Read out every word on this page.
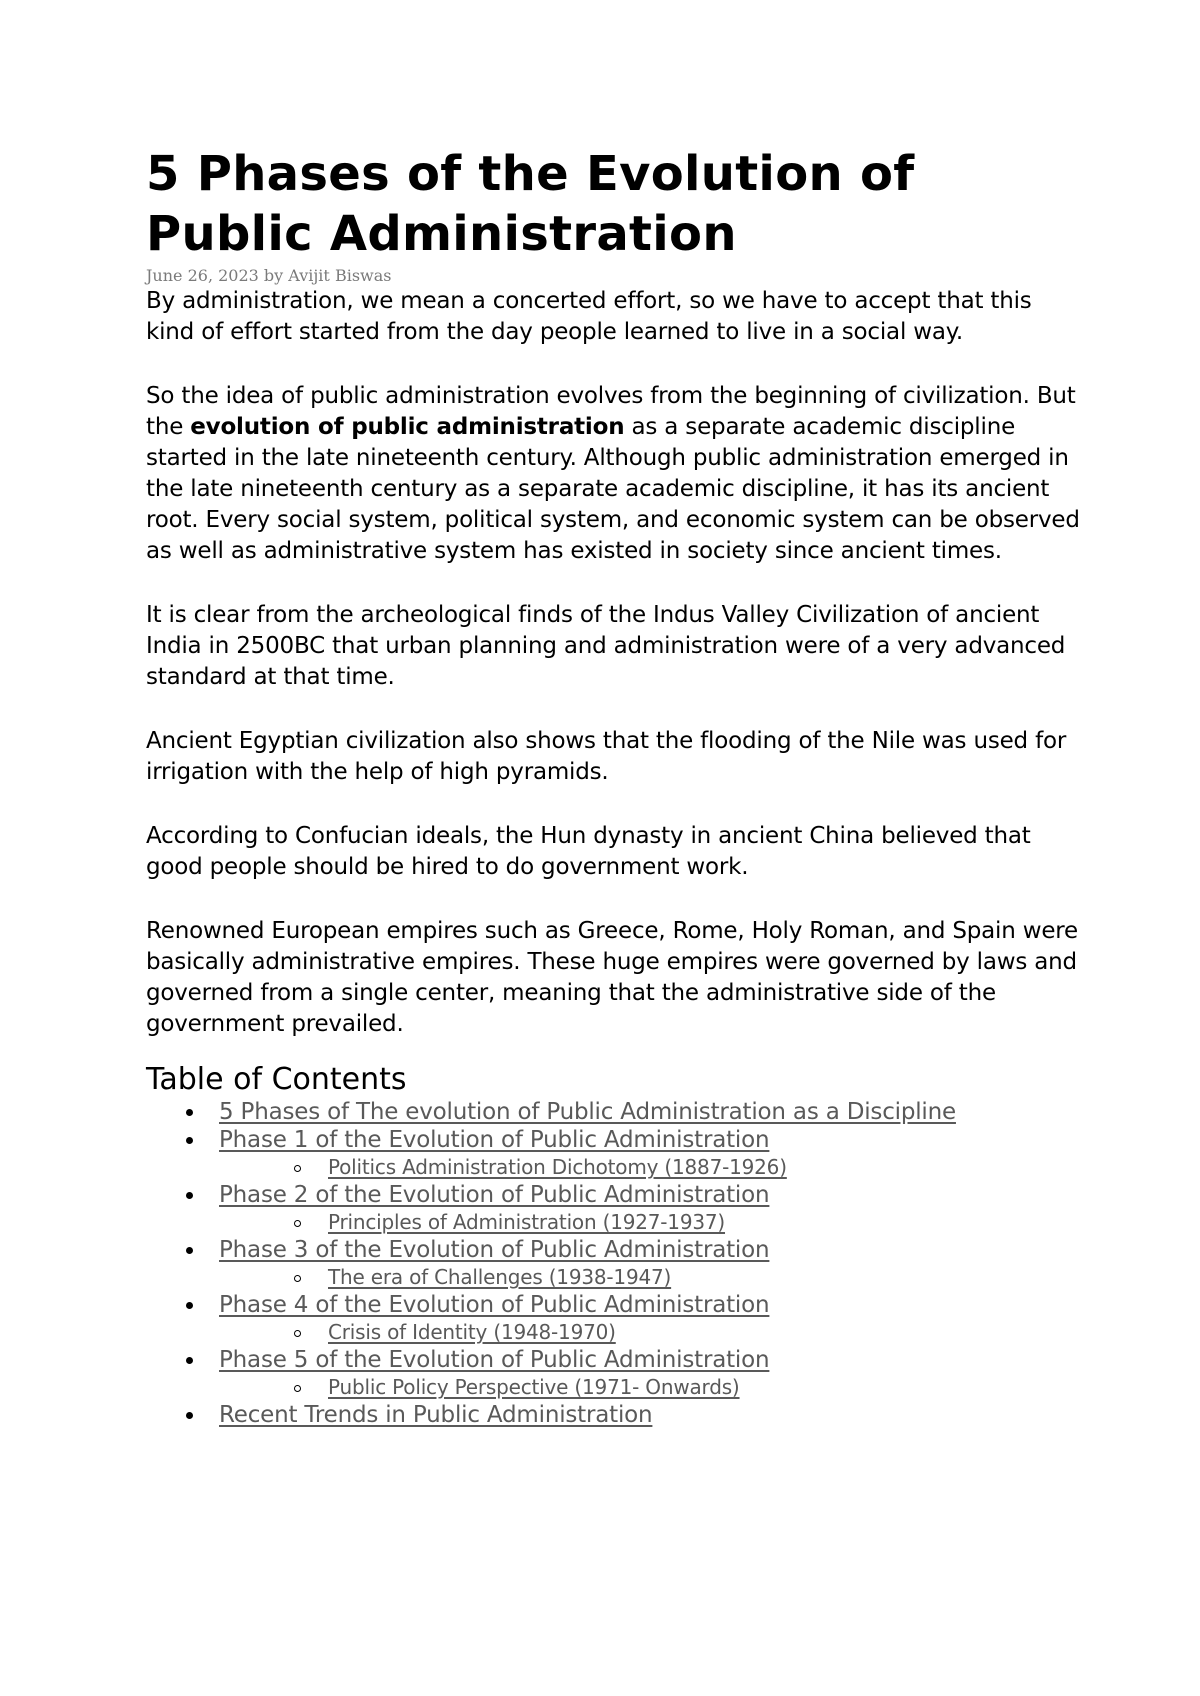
5 Phases of the Evolution of Public Administration

June 26, 2023 by Avijit Biswas

By administration, we mean a concerted effort, so we have to accept that this kind of effort started from the day people learned to live in a social way.

So the idea of public administration evolves from the beginning of civilization. But the evolution of public administration as a separate academic discipline started in the late nineteenth century. Although public administration emerged in the late nineteenth century as a separate academic discipline, it has its ancient root. Every social system, political system, and economic system can be observed as well as administrative system has existed in society since ancient times.

It is clear from the archeological finds of the Indus Valley Civilization of ancient India in 2500BC that urban planning and administration were of a very advanced standard at that time.

Ancient Egyptian civilization also shows that the flooding of the Nile was used for irrigation with the help of high pyramids.

According to Confucian ideals, the Hun dynasty in ancient China believed that good people should be hired to do government work.

Renowned European empires such as Greece, Rome, Holy Roman, and Spain were basically administrative empires. These huge empires were governed by laws and governed from a single center, meaning that the administrative side of the government prevailed.

Table of Contents
5 Phases of The evolution of Public Administration as a Discipline
Phase 1 of the Evolution of Public Administration
Politics Administration Dichotomy (1887-1926)
Phase 2 of the Evolution of Public Administration
Principles of Administration (1927-1937)
Phase 3 of the Evolution of Public Administration
The era of Challenges (1938-1947)
Phase 4 of the Evolution of Public Administration
Crisis of Identity (1948-1970)
Phase 5 of the Evolution of Public Administration
Public Policy Perspective (1971- Onwards)
Recent Trends in Public Administration
